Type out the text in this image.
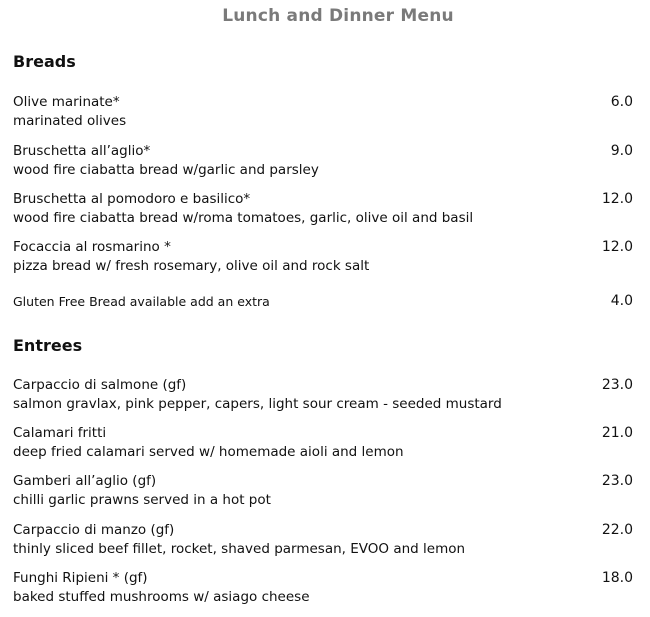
Lunch and Dinner Menu
Breads
Olive marinate*
marinated olives
6.0
Bruschetta all’aglio*
wood fire ciabatta bread w/garlic and parsley
9.0
Bruschetta al pomodoro e basilico*
wood fire ciabatta bread w/roma tomatoes, garlic, olive oil and basil
12.0
Focaccia al rosmarino *
pizza bread w/ fresh rosemary, olive oil and rock salt
12.0
Gluten Free Bread available add an extra	4.0
Entrees
Carpaccio di salmone (gf)
salmon gravlax, pink pepper, capers, light sour cream - seeded mustard
23.0
Calamari fritti
deep fried calamari served w/ homemade aioli and lemon
21.0
Gamberi all’aglio (gf)
chilli garlic prawns served in a hot pot
23.0
Carpaccio di manzo (gf)
thinly sliced beef fillet, rocket, shaved parmesan, EVOO and lemon
22.0
Funghi Ripieni * (gf)
baked stuffed mushrooms w/ asiago cheese
18.0
